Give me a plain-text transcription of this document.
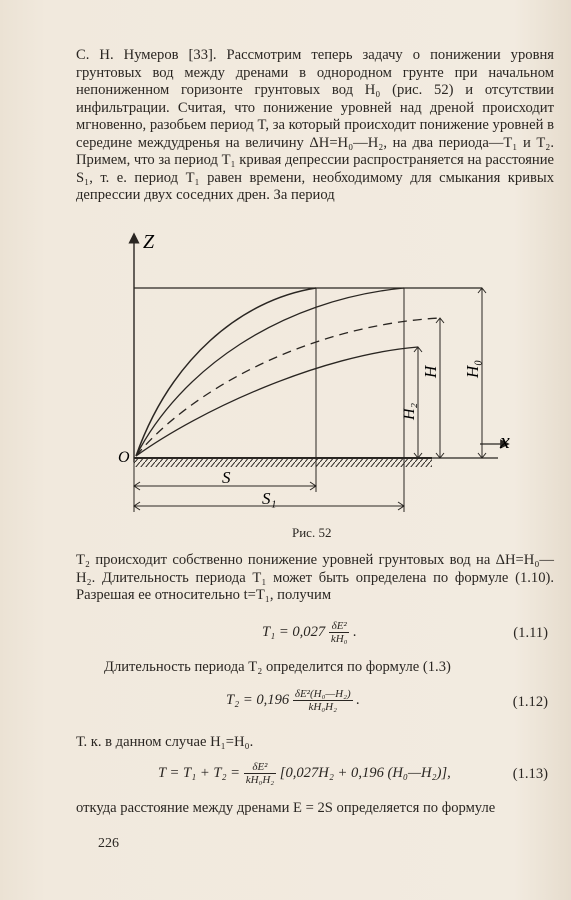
С. Н. Нумеров [33]. Рассмотрим теперь задачу о понижении уровня грунтовых вод между дренами в однородном грунте при начальном непониженном горизонте грунтовых вод H₀ (рис. 52) и отсутствии инфильтрации. Считая, что понижение уровней над дреной происходит мгновенно, разобьем период T, за который происходит понижение уровней в середине междудренья на величину ΔH=H₀—H₂, на два периода—T₁ и T₂. Примем, что за период T₁ кривая депрессии распространяется на расстояние S₁, т. е. период T₁ равен времени, необходимому для смыкания кривых депрессии двух соседних дрен. За период

Z
x
O
S
S₁
H₂
H H₀
Рис. 52

T₂ происходит собственно понижение уровней грунтовых вод на ΔH=H₀—H₂. Длительность периода T₁ может быть определена по формуле (1.10). Разрешая ее относительно t=T₁, получим

$T_1 = 0,027 \frac{\text{δE²}}{\text{kH₀}}$ .	(1.11)
Длительность периода T₂ определится по формуле (1.3)
$T_2 = 0,196 \frac{\text{δE²(H₀—H₂)}}{\text{kH₀H₂}}$ .	(1.12)
Т. к. в данном случае H₁=H₀.
$T = T_1 + T_2 = \frac{\text{δE²}}{\text{kH₀H₂}} [0,027H_2 + 0,196$ (H₀—H₂)],	(1.13)

откуда расстояние между дренами E = 2S определяется по формуле

226
